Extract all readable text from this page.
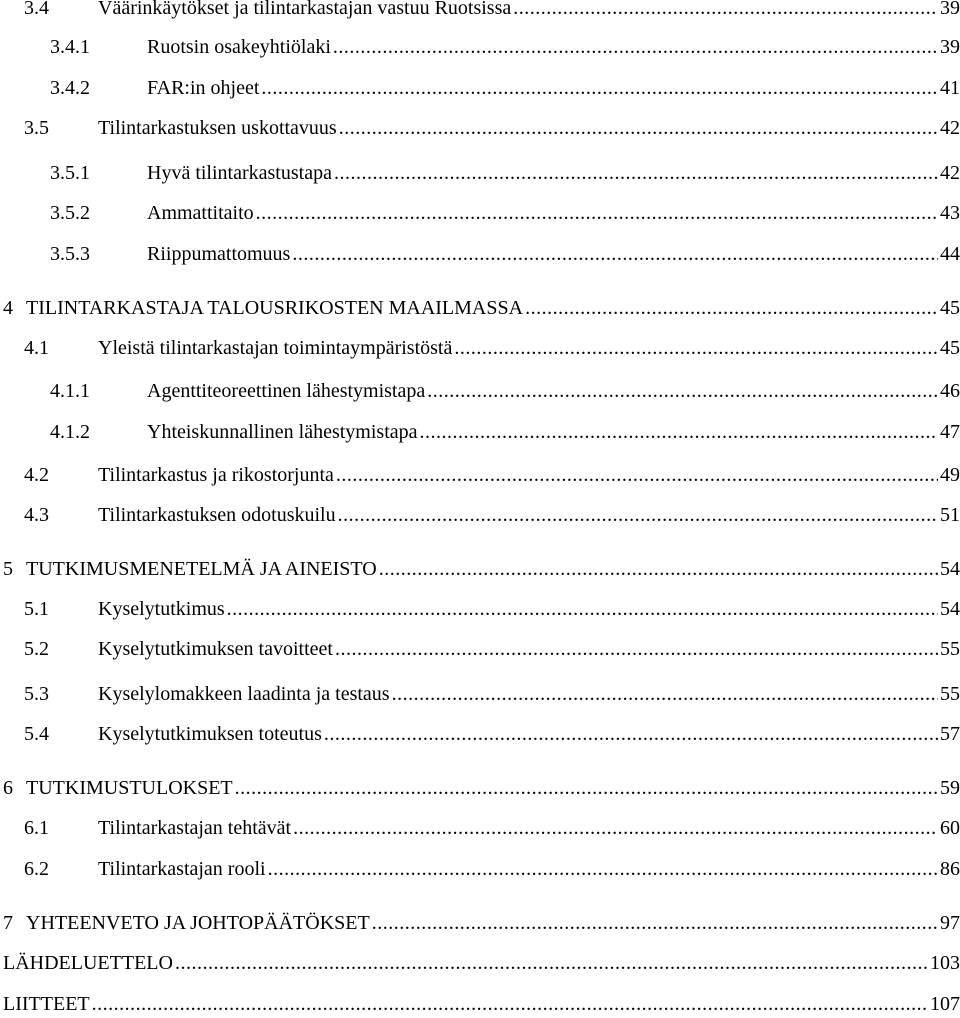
3.4	Väärinkäytökset ja tilintarkastajan vastuu Ruotsissa .....	39
3.4.1	Ruotsin osakeyhtiölaki .....	39
3.4.2	FAR:in ohjeet .....	41
3.5	Tilintarkastuksen uskottavuus .....	42
3.5.1	Hyvä tilintarkastustapa .....	42
3.5.2	Ammattitaito .....	43
3.5.3	Riippumattomuus .....	44
4 TILINTARKASTAJA TALOUSRIKOSTEN MAAILMASSA .....	45
4.1	Yleistä tilintarkastajan toimintaympäristöstä .....	45
4.1.1	Agenttiteoreettinen lähestymistapa .....	46
4.1.2	Yhteiskunnallinen lähestymistapa .....	47
4.2	Tilintarkastus ja rikostorjunta .....	49
4.3	Tilintarkastuksen odotuskuilu .....	51
5 TUTKIMUSMENETELMÄ JA AINEISTO .....	54
5.1	Kyselytutkimus .....	54
5.2	Kyselytutkimuksen tavoitteet .....	55
5.3	Kyselylomakkeen laadinta ja testaus .....	55
5.4	Kyselytutkimuksen toteutus .....	57
6 TUTKIMUSTULOKSET .....	59
6.1	Tilintarkastajan tehtävät .....	60
6.2	Tilintarkastajan rooli .....	86
7 YHTEENVETO JA JOHTOPÄÄTÖKSET .....	97
LÄHDELUETTELO .....	103
LIITTEET .....	107
